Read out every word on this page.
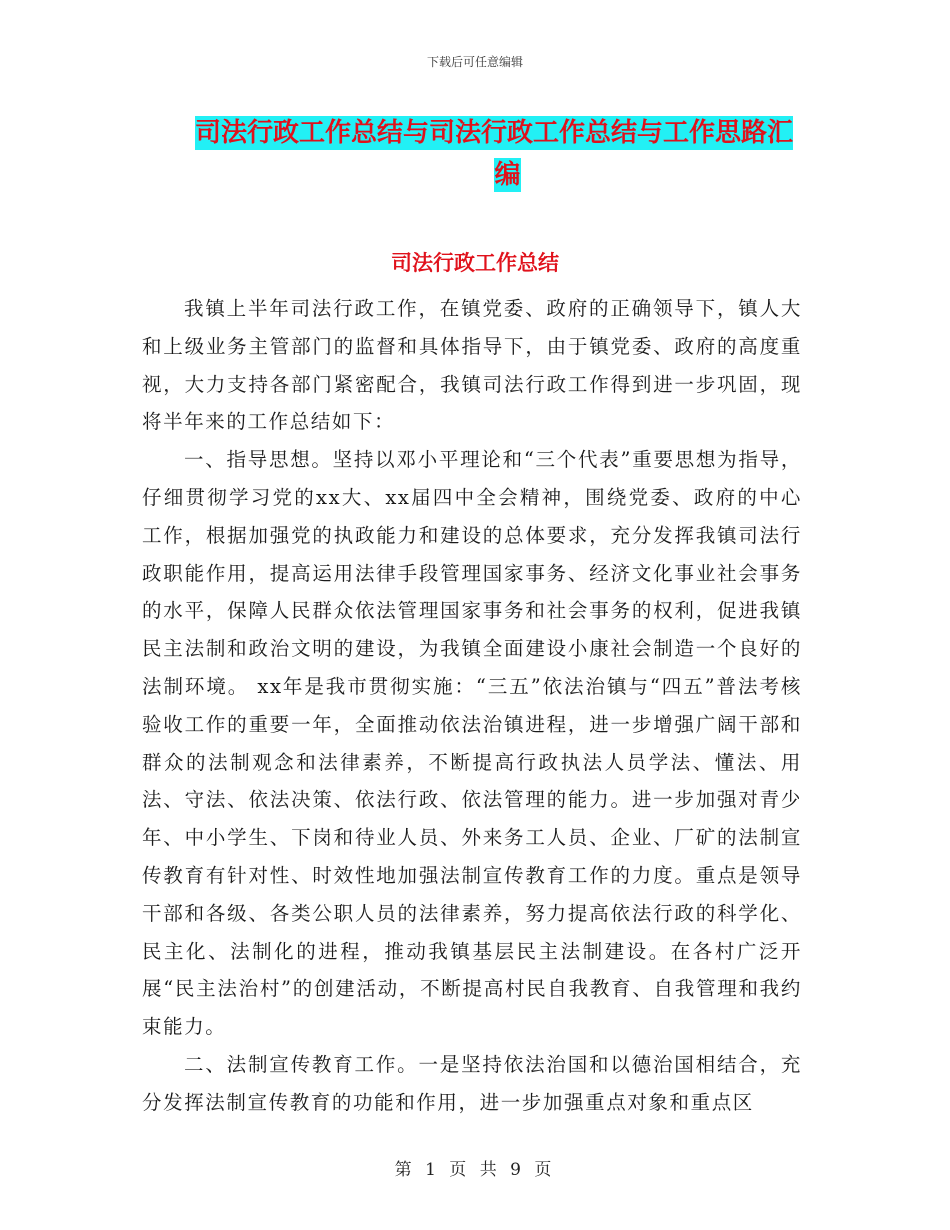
下载后可任意编辑
司法行政工作总结与司法行政工作总结与工作思路汇
编
司法行政工作总结

我镇上半年司法行政工作，在镇党委、政府的正确领导下，镇人大和上级业务主管部门的监督和具体指导下，由于镇党委、政府的高度重视，大力支持各部门紧密配合，我镇司法行政工作得到进一步巩固，现将半年来的工作总结如下：

一、指导思想。坚持以邓小平理论和“三个代表”重要思想为指导，仔细贯彻学习党的xx大、xx届四中全会精神，围绕党委、政府的中心工作，根据加强党的执政能力和建设的总体要求，充分发挥我镇司法行政职能作用，提高运用法律手段管理国家事务、经济文化事业社会事务的水平，保障人民群众依法管理国家事务和社会事务的权利，促进我镇民主法制和政治文明的建设，为我镇全面建设小康社会制造一个良好的法制环境。 xx年是我市贯彻实施：“三五”依法治镇与“四五”普法考核验收工作的重要一年，全面推动依法治镇进程，进一步增强广阔干部和群众的法制观念和法律素养，不断提高行政执法人员学法、懂法、用法、守法、依法决策、依法行政、依法管理的能力。进一步加强对青少年、中小学生、下岗和待业人员、外来务工人员、企业、厂矿的法制宣传教育有针对性、时效性地加强法制宣传教育工作的力度。重点是领导干部和各级、各类公职人员的法律素养，努力提高依法行政的科学化、民主化、法制化的进程，推动我镇基层民主法制建设。在各村广泛开展“民主法治村”的创建活动，不断提高村民自我教育、自我管理和我约束能力。

二、法制宣传教育工作。一是坚持依法治国和以德治国相结合，充分发挥法制宣传教育的功能和作用，进一步加强重点对象和重点区

第 1 页 共 9 页
